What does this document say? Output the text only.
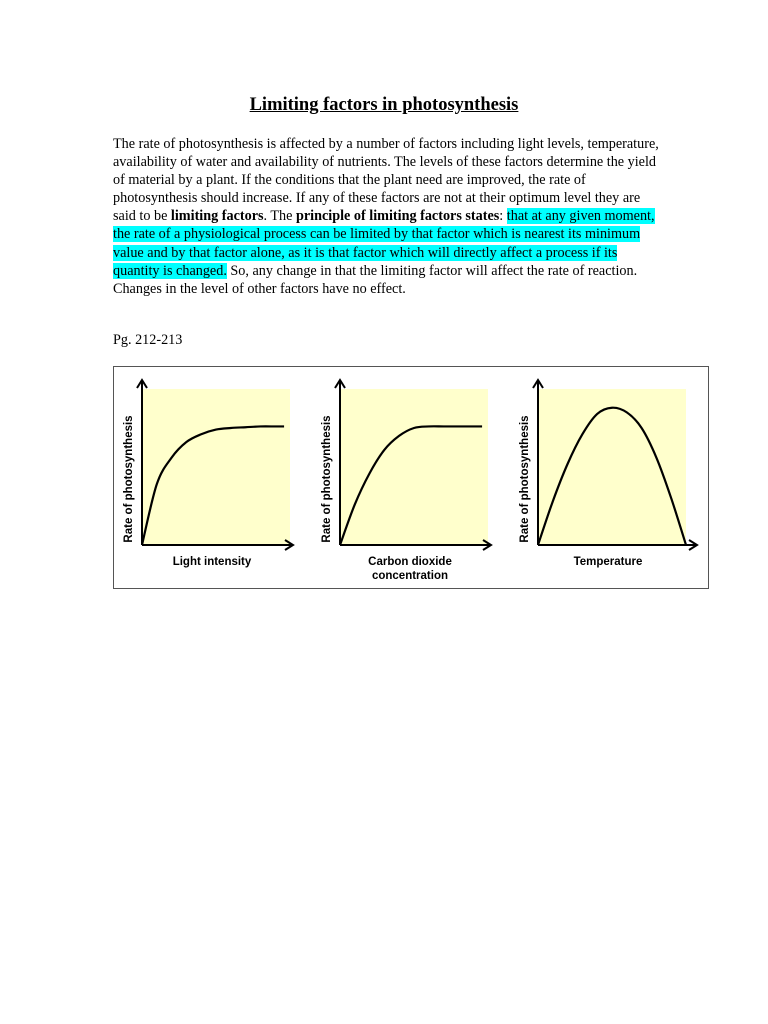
Limiting factors in photosynthesis

The rate of photosynthesis is affected by a number of factors including light levels, temperature, availability of water and availability of nutrients. The levels of these factors determine the yield of material by a plant. If the conditions that the plant need are improved, the rate of photosynthesis should increase. If any of these factors are not at their optimum level they are said to be limiting factors. The principle of limiting factors states: that at any given moment, the rate of a physiological process can be limited by that factor which is nearest its minimum value and by that factor alone, as it is that factor which will directly affect a process if its quantity is changed. So, any change in that the limiting factor will affect the rate of reaction. Changes in the level of other factors have no effect.

Pg. 212-213

Rate of photosynthesis
Light intensity
Rate of photosynthesis
Carbon dioxide
concentration
Rate of photosynthesis
Temperature
